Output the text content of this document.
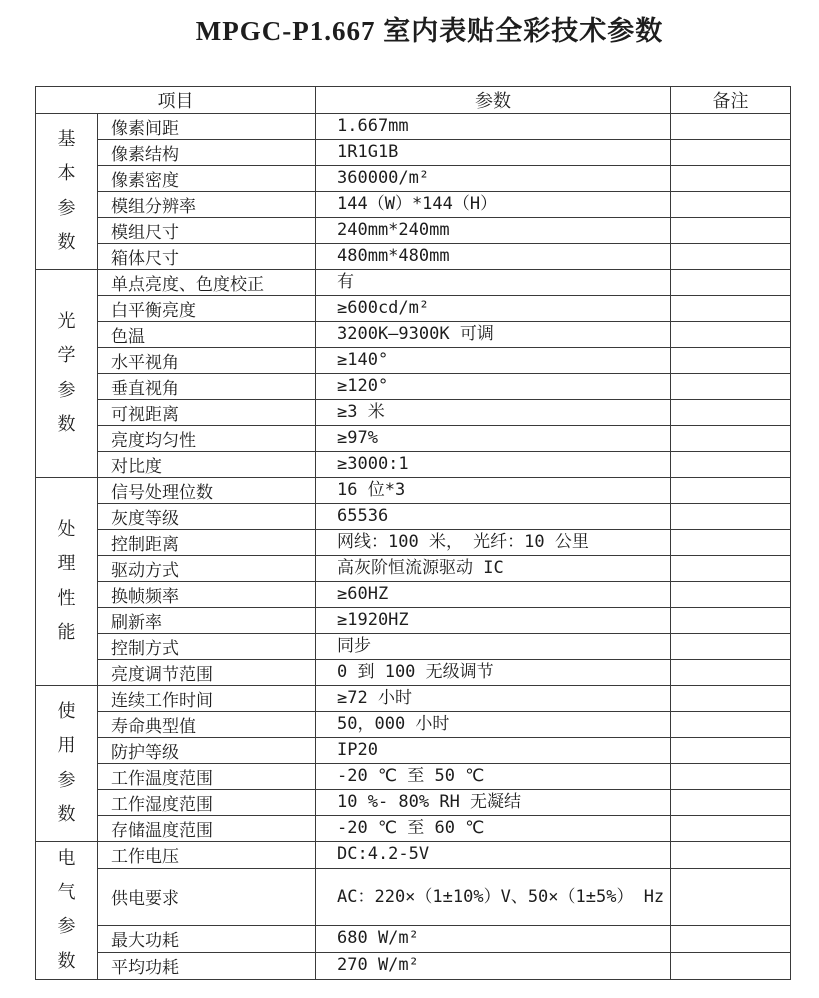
MPGC-P1.667 室内表贴全彩技术参数
项目		参数	备注

基
本
参
数	像素间距	1.667mm	
	像素结构	1R1G1B	
	像素密度	360000/m²	
	模组分辨率	144（W）*144（H）	
	模组尺寸	240mm*240mm	
	箱体尺寸	480mm*480mm	

光
学
参
数	单点亮度、色度校正	有	
	白平衡亮度	≥600cd/m²	
	色温	3200K—9300K 可调	
	水平视角	≥140°	
	垂直视角	≥120°	
	可视距离	≥3 米	
	亮度均匀性	≥97%	
	对比度	≥3000:1	

处
理
性
能	信号处理位数	16 位*3	
	灰度等级	65536	
	控制距离	网线：100 米， 光纤：10 公里	
	驱动方式	高灰阶恒流源驱动 IC	
	换帧频率	≥60HZ	
	刷新率	≥1920HZ	
	控制方式	同步	
	亮度调节范围	0 到 100 无级调节	

使
用
参
数	连续工作时间	≥72 小时	
	寿命典型值	50，000 小时	
	防护等级	IP20	
	工作温度范围	-20 ℃ 至 50 ℃	
	工作湿度范围	10 %- 80% RH 无凝结	
	存储温度范围	-20 ℃ 至 60 ℃	

电
气
参
数	工作电压	DC:4.2-5V	
	供电要求	AC：220×（1±10%）V、50×（1±5%） Hz	
	最大功耗	680 W/m²	
	平均功耗	270 W/m²	
